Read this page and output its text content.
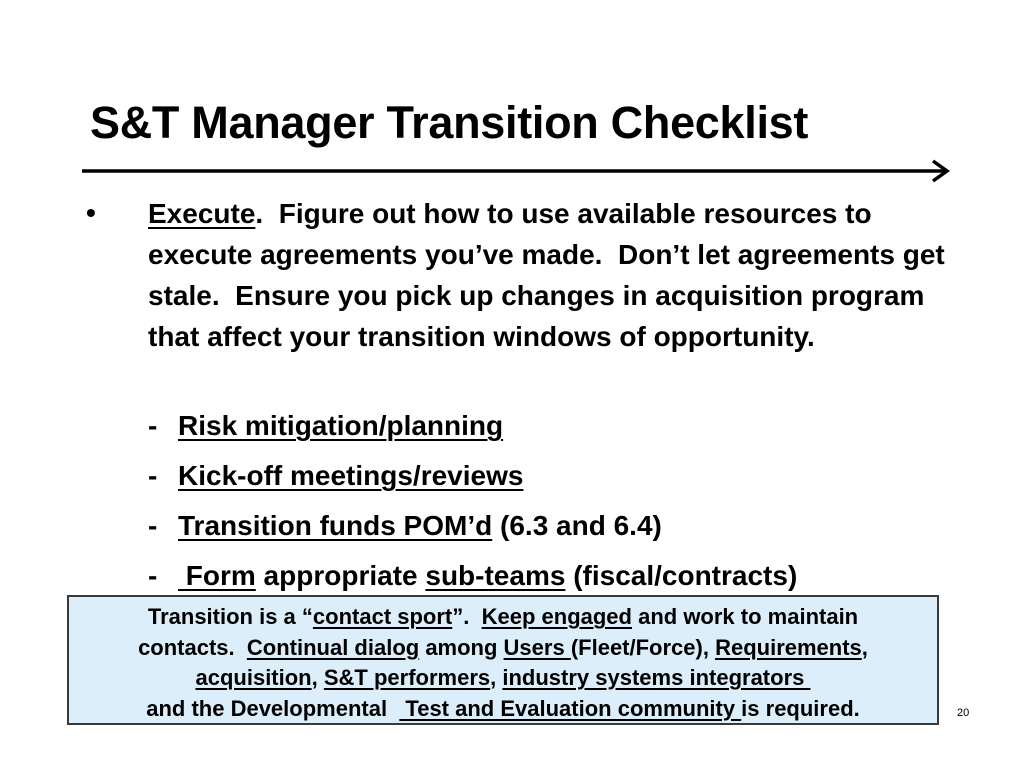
S&T Manager Transition Checklist
• Execute.  Figure out how to use available resources to execute agreements you’ve made.  Don’t let agreements get stale.  Ensure you pick up changes in acquisition program that affect your transition windows of opportunity.
- Risk mitigation/planning
- Kick-off meetings/reviews
- Transition funds POM’d (6.3 and 6.4)
- Form appropriate sub-teams (fiscal/contracts)
Transition is a “contact sport”.  Keep engaged and work to maintain
contacts.  Continual dialog among Users (Fleet/Force), Requirements,
acquisition, S&T performers, industry systems integrators
and the Developmental   Test and Evaluation community is required.	20
